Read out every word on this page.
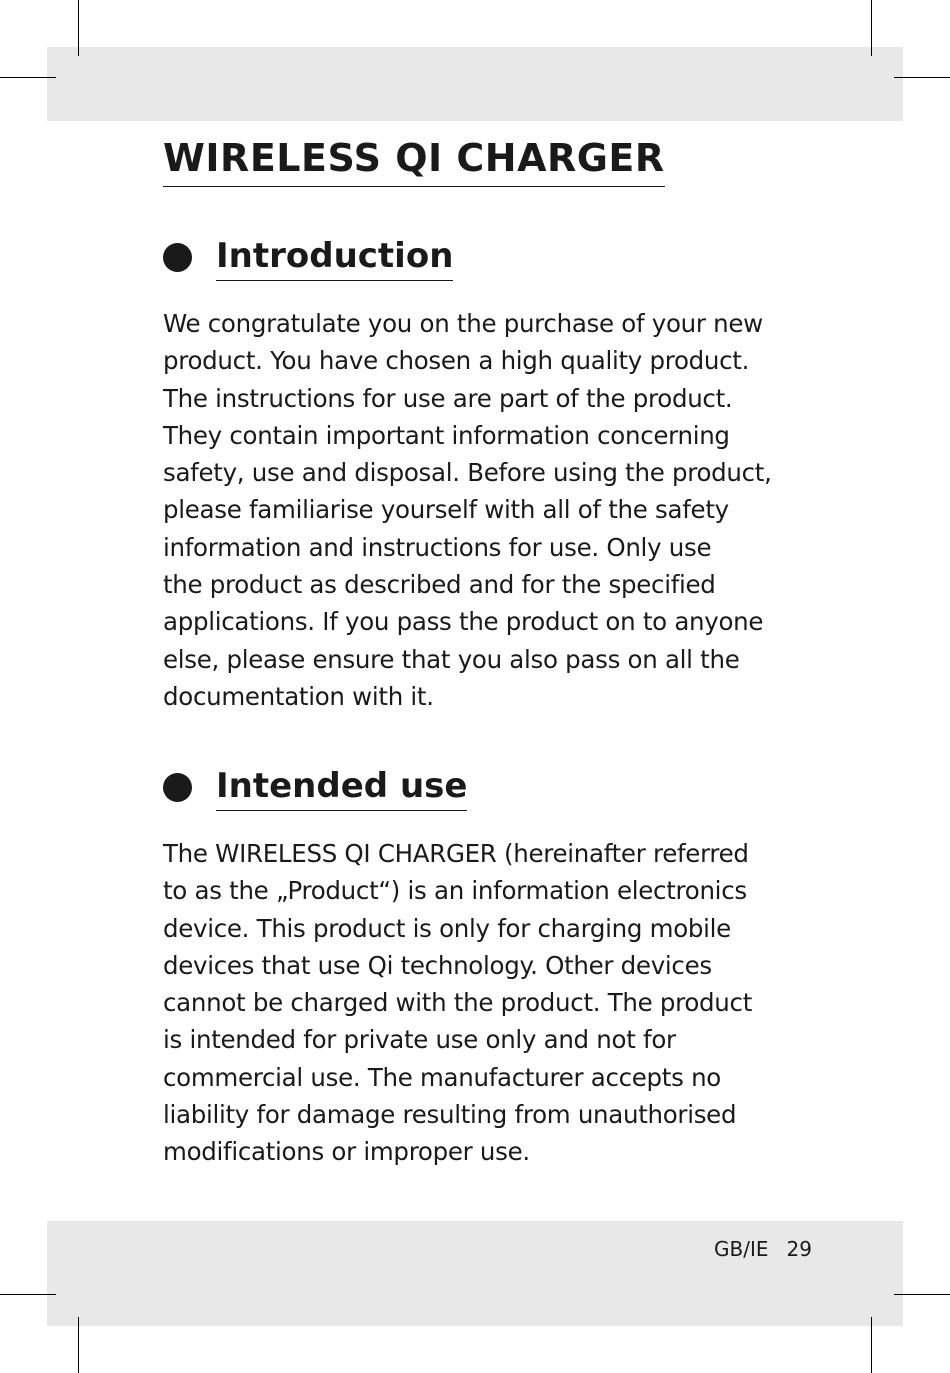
WIRELESS QI CHARGER
Introduction
We congratulate you on the purchase of your new
product. You have chosen a high quality product.
The instructions for use are part of the product.
They contain important information concerning
safety, use and disposal. Before using the product,
please familiarise yourself with all of the safety
information and instructions for use. Only use
the product as described and for the specified
applications. If you pass the product on to anyone
else, please ensure that you also pass on all the
documentation with it.
Intended use
The WIRELESS QI CHARGER (hereinafter referred
to as the „Product“) is an information electronics
device. This product is only for charging mobile
devices that use Qi technology. Other devices
cannot be charged with the product. The product
is intended for private use only and not for
commercial use. The manufacturer accepts no
liability for damage resulting from unauthorised
modifications or improper use.
GB/IE 29
